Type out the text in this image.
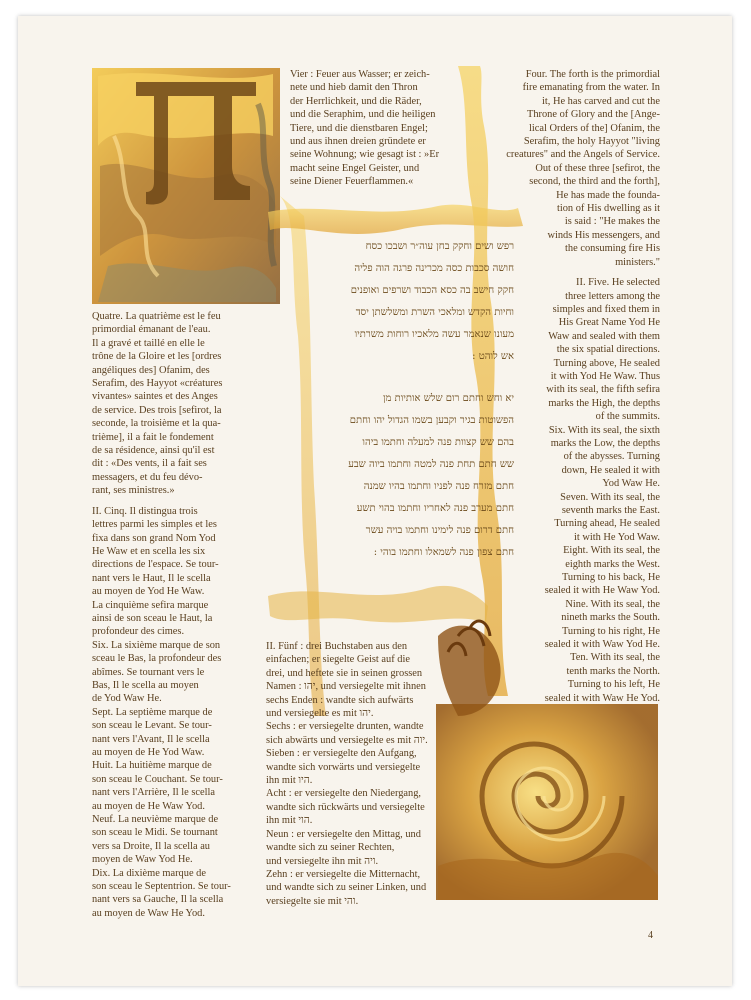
Quatre. La quatrième est le feu

primordial émanant de l'eau.

Il a gravé et taillé en elle le

trône de la Gloire et les [ordres

angéliques des] Ofanim, des

Serafim, des Hayyot «créatures

vivantes» saintes et des Anges

de service. Des trois [sefirot, la

seconde, la troisième et la qua-

trième], il a fait le fondement

de sa résidence, ainsi qu'il est

dit : «Des vents, il a fait ses

messagers, et du feu dévo-

rant, ses ministres.»

II. Cinq. Il distingua trois

lettres parmi les simples et les

fixa dans son grand Nom Yod

He Waw et en scella les six

directions de l'espace. Se tour-

nant vers le Haut, Il le scella

au moyen de Yod He Waw.

La cinquième sefira marque

ainsi de son sceau le Haut, la

profondeur des cimes.

Six. La sixième marque de son

sceau le Bas, la profondeur des

abîmes. Se tournant vers le

Bas, Il le scella au moyen

de Yod Waw He.

Sept. La septième marque de

son sceau le Levant. Se tour-

nant vers l'Avant, Il le scella

au moyen de He Yod Waw.

Huit. La huitième marque de

son sceau le Couchant. Se tour-

nant vers l'Arrière, Il le scella

au moyen de He Waw Yod.

Neuf. La neuvième marque de

son sceau le Midi. Se tournant

vers sa Droite, Il la scella au

moyen de Waw Yod He.

Dix. La dixième marque de

son sceau le Septentrion. Se tour-

nant vers sa Gauche, Il la scella

au moyen de Waw He Yod.

Vier : Feuer aus Wasser; er zeich-

nete und hieb damit den Thron

der Herrlichkeit, und die Räder,

und die Seraphim, und die heiligen

Tiere, und die dienstbaren Engel;

und aus ihnen dreien gründete er

seine Wohnung; wie gesagt ist : »Er

macht seine Engel Geister, und

seine Diener Feuerflammen.«

רפש ושים וחקק בחן עוה״ר ושבכו כסח

חושה סכבות כסה מכרינה פרגה הוה פליה

חקק חישב בה כסא הכבוד ושרפים ואופנים

וחיות הקדש ומלאכי השרת ומשלשתן יסד

מעונו שנאמר עשה מלאכיו רוחות משרתיו

אש לוהט :

יא וחש וחתם רום שלש אותיות מן

הפשוטות בגיר וקבען בשמו הגדול יהו וחתם

בהם שש קצוות פנה למעלה וחתמו ביהו

שש חתם תחת פנה למטה וחתמו ביוה שבע

חתם מזרח פנה לפניו וחתמו בהיו שמנה

חתם מערב פנה לאחריו וחתמו בהוי תשע

חתם דרום פנה לימינו וחתמו בויה עשר

חתם צפון פנה לשמאלו וחתמו בוהי :

II. Fünf : drei Buchstaben aus den

einfachen; er siegelte Geist auf die

drei, und heftete sie in seinen grossen

Namen : יהו, und versiegelte mit ihnen

sechs Enden : wandte sich aufwärts

und versiegelte es mit יהו.

Sechs : er versiegelte drunten, wandte

sich abwärts und versiegelte es mit יוה.

Sieben : er versiegelte den Aufgang,

wandte sich vorwärts und versiegelte

ihn mit היו.

Acht : er versiegelte den Niedergang,

wandte sich rückwärts und versiegelte

ihn mit הוי.

Neun : er versiegelte den Mittag, und

wandte sich zu seiner Rechten,

und versiegelte ihn mit ויה.

Zehn : er versiegelte die Mitternacht,

und wandte sich zu seiner Linken, und

versiegelte sie mit והי.

Four. The forth is the primordial

fire emanating from the water. In

it, He has carved and cut the

Throne of Glory and the [Ange-

lical Orders of the] Ofanim, the

Serafim, the holy Hayyot "living

creatures" and the Angels of Service.

Out of these three [sefirot, the

second, the third and the forth],

He has made the founda-

tion of His dwelling as it

is said : "He makes the

winds His messengers, and

the consuming fire His

ministers."

II. Five. He selected

three letters among the

simples and fixed them in

His Great Name Yod He

Waw and sealed with them

the six spatial directions.

Turning above, He sealed

it with Yod He Waw. Thus

with its seal, the fifth sefira

marks the High, the depths

of the summits.

Six. With its seal, the sixth

marks the Low, the depths

of the abysses. Turning

down, He sealed it with

Yod Waw He.

Seven. With its seal, the

seventh marks the East.

Turning ahead, He sealed

it with He Yod Waw.

Eight. With its seal, the

eighth marks the West.

Turning to his back, He

sealed it with He Waw Yod.

Nine. With its seal, the

nineth marks the South.

Turning to his right, He

sealed it with Waw Yod He.

Ten. With its seal, the

tenth marks the North.

Turning to his left, He

sealed it with Waw He Yod.

4
